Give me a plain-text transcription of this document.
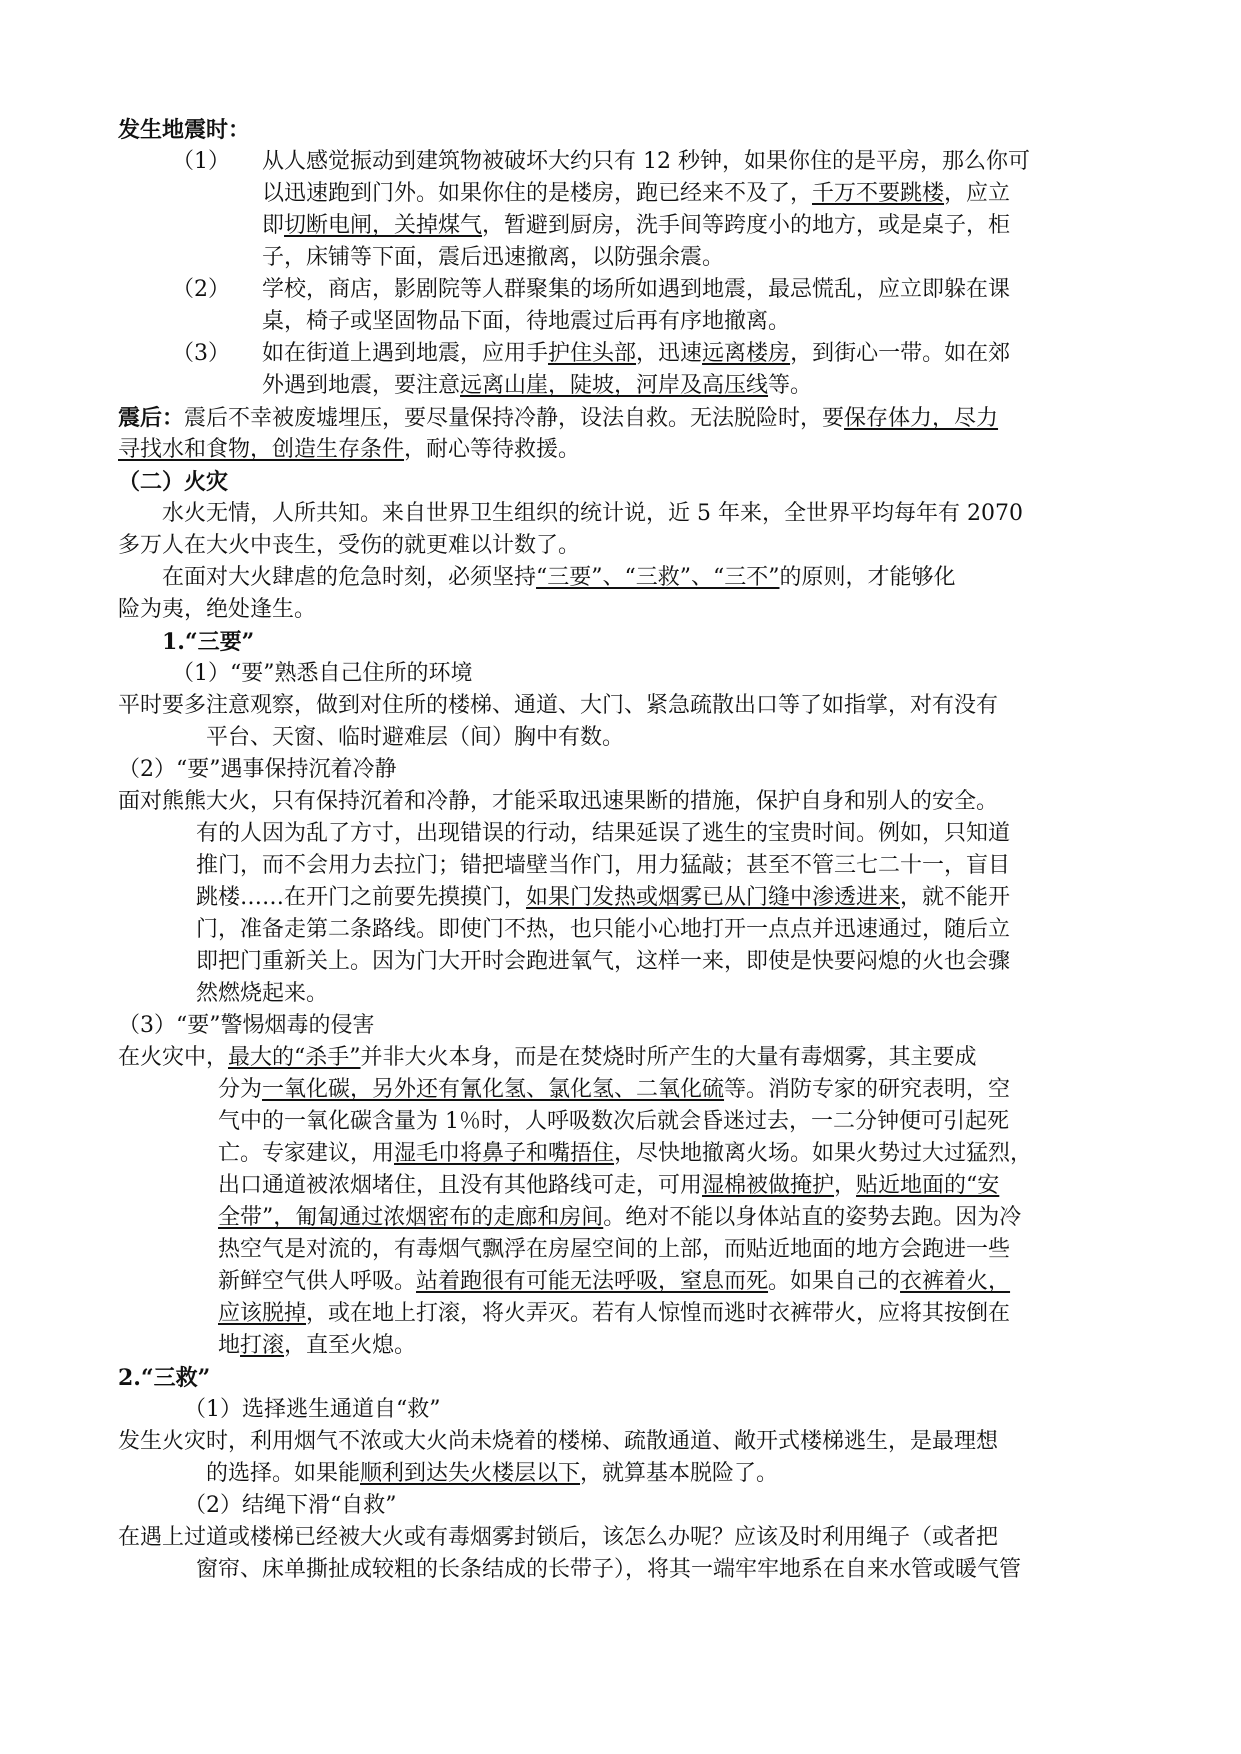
发生地震时：
（1） 从人感觉振动到建筑物被破坏大约只有 12 秒钟，如果你住的是平房，那么你可
以迅速跑到门外。如果你住的是楼房，跑已经来不及了，千万不要跳楼，应立
即切断电闸，关掉煤气，暂避到厨房，洗手间等跨度小的地方，或是桌子，柜
子，床铺等下面，震后迅速撤离，以防强余震。
（2） 学校，商店，影剧院等人群聚集的场所如遇到地震，最忌慌乱，应立即躲在课
桌，椅子或坚固物品下面，待地震过后再有序地撤离。
（3） 如在街道上遇到地震，应用手护住头部，迅速远离楼房，到街心一带。如在郊
外遇到地震，要注意远离山崖，陡坡，河岸及高压线等。
震后：震后不幸被废墟埋压，要尽量保持冷静，设法自救。无法脱险时，要保存体力，尽力
寻找水和食物，创造生存条件，耐心等待救援。
（二）火灾
水火无情，人所共知。来自世界卫生组织的统计说，近 5 年来，全世界平均每年有 2070
多万人在大火中丧生，受伤的就更难以计数了。
在面对大火肆虐的危急时刻，必须坚持“三要”、“三救”、“三不”的原则，才能够化
险为夷，绝处逢生。
1.“三要”
（1）“要”熟悉自己住所的环境
平时要多注意观察，做到对住所的楼梯、通道、大门、紧急疏散出口等了如指掌，对有没有
平台、天窗、临时避难层（间）胸中有数。
（2）“要”遇事保持沉着冷静
面对熊熊大火，只有保持沉着和冷静，才能采取迅速果断的措施，保护自身和别人的安全。
有的人因为乱了方寸，出现错误的行动，结果延误了逃生的宝贵时间。例如，只知道
推门，而不会用力去拉门；错把墙壁当作门，用力猛敲；甚至不管三七二十一，盲目
跳楼……在开门之前要先摸摸门，如果门发热或烟雾已从门缝中渗透进来，就不能开
门，准备走第二条路线。即使门不热，也只能小心地打开一点点并迅速通过，随后立
即把门重新关上。因为门大开时会跑进氧气，这样一来，即使是快要闷熄的火也会骤
然燃烧起来。
（3）“要”警惕烟毒的侵害
在火灾中，最大的“杀手”并非大火本身，而是在焚烧时所产生的大量有毒烟雾，其主要成
分为一氧化碳，另外还有氰化氢、氯化氢、二氧化硫等。消防专家的研究表明，空
气中的一氧化碳含量为 1％时，人呼吸数次后就会昏迷过去，一二分钟便可引起死
亡。专家建议，用湿毛巾将鼻子和嘴捂住，尽快地撤离火场。如果火势过大过猛烈，
出口通道被浓烟堵住，且没有其他路线可走，可用湿棉被做掩护，贴近地面的“安
全带”，匍匐通过浓烟密布的走廊和房间。绝对不能以身体站直的姿势去跑。因为冷
热空气是对流的，有毒烟气飘浮在房屋空间的上部，而贴近地面的地方会跑进一些
新鲜空气供人呼吸。站着跑很有可能无法呼吸，窒息而死。如果自己的衣裤着火，
应该脱掉，或在地上打滚，将火弄灭。若有人惊惶而逃时衣裤带火，应将其按倒在
地打滚，直至火熄。
2.“三救”
（1）选择逃生通道自“救”
发生火灾时，利用烟气不浓或大火尚未烧着的楼梯、疏散通道、敞开式楼梯逃生，是最理想
的选择。如果能顺利到达失火楼层以下，就算基本脱险了。
（2）结绳下滑“自救”
在遇上过道或楼梯已经被大火或有毒烟雾封锁后，该怎么办呢？应该及时利用绳子（或者把
窗帘、床单撕扯成较粗的长条结成的长带子），将其一端牢牢地系在自来水管或暖气管
